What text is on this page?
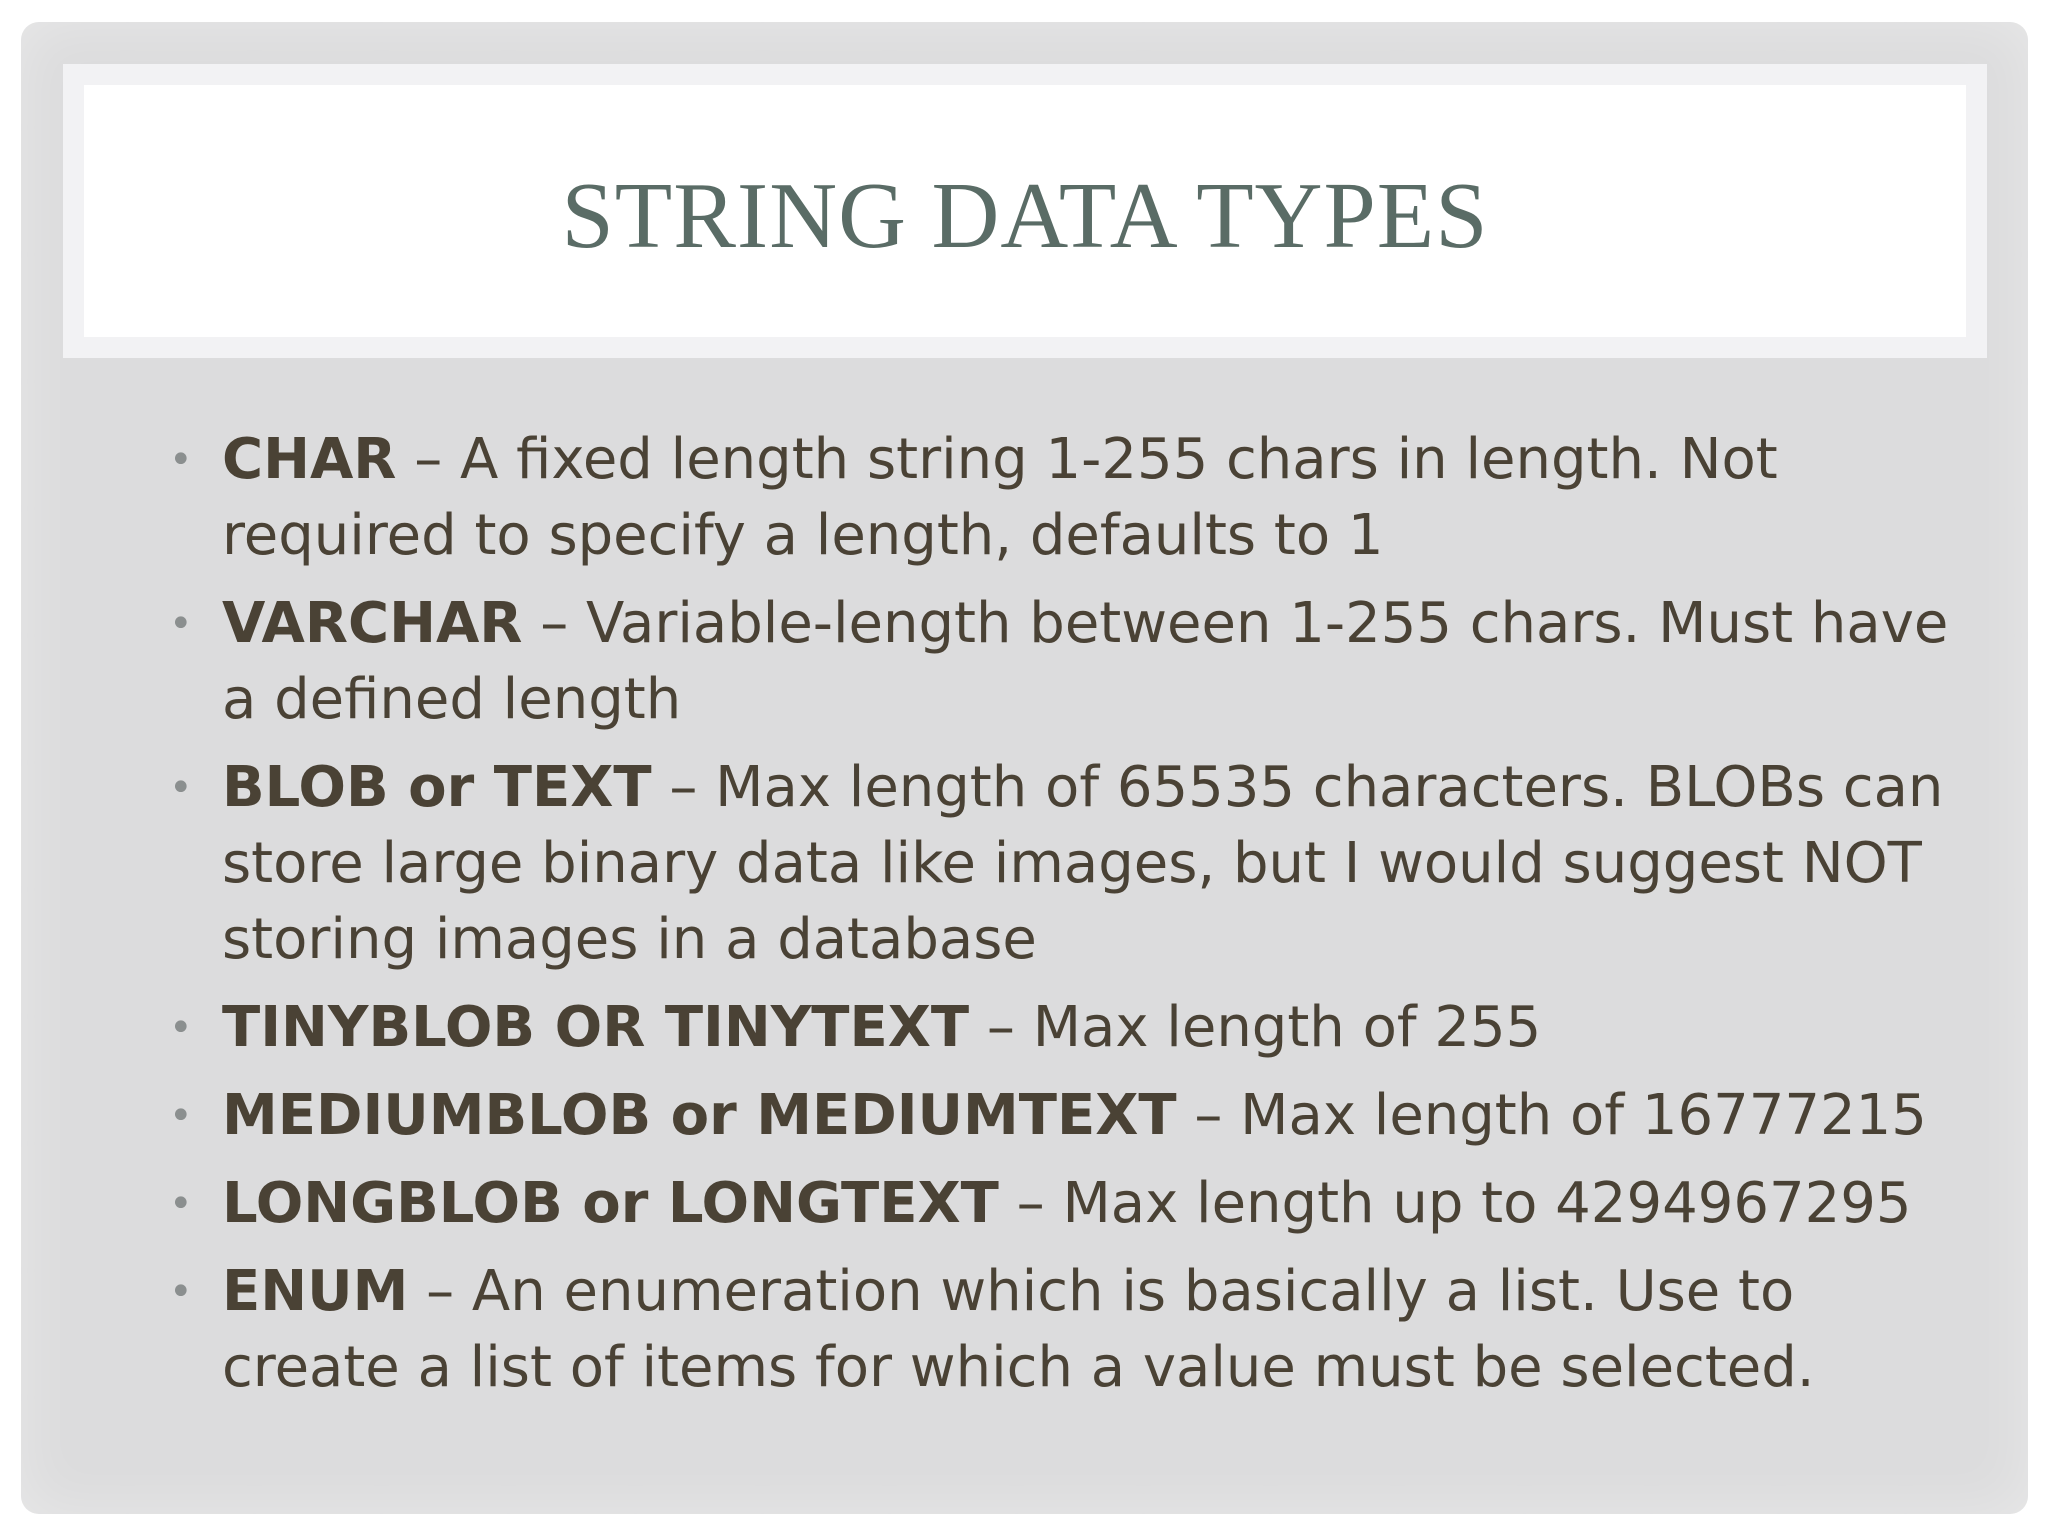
STRING DATA TYPES
• CHAR – A fixed length string 1-255 chars in length. Not required to specify a length, defaults to 1
• VARCHAR – Variable-length between 1-255 chars. Must have a defined length
• BLOB or TEXT – Max length of 65535 characters. BLOBs can store large binary data like images, but I would suggest NOT storing images in a database
• TINYBLOB OR TINYTEXT – Max length of 255
• MEDIUMBLOB or MEDIUMTEXT – Max length of 16777215
• LONGBLOB or LONGTEXT – Max length up to 4294967295
• ENUM – An enumeration which is basically a list. Use to create a list of items for which a value must be selected.
